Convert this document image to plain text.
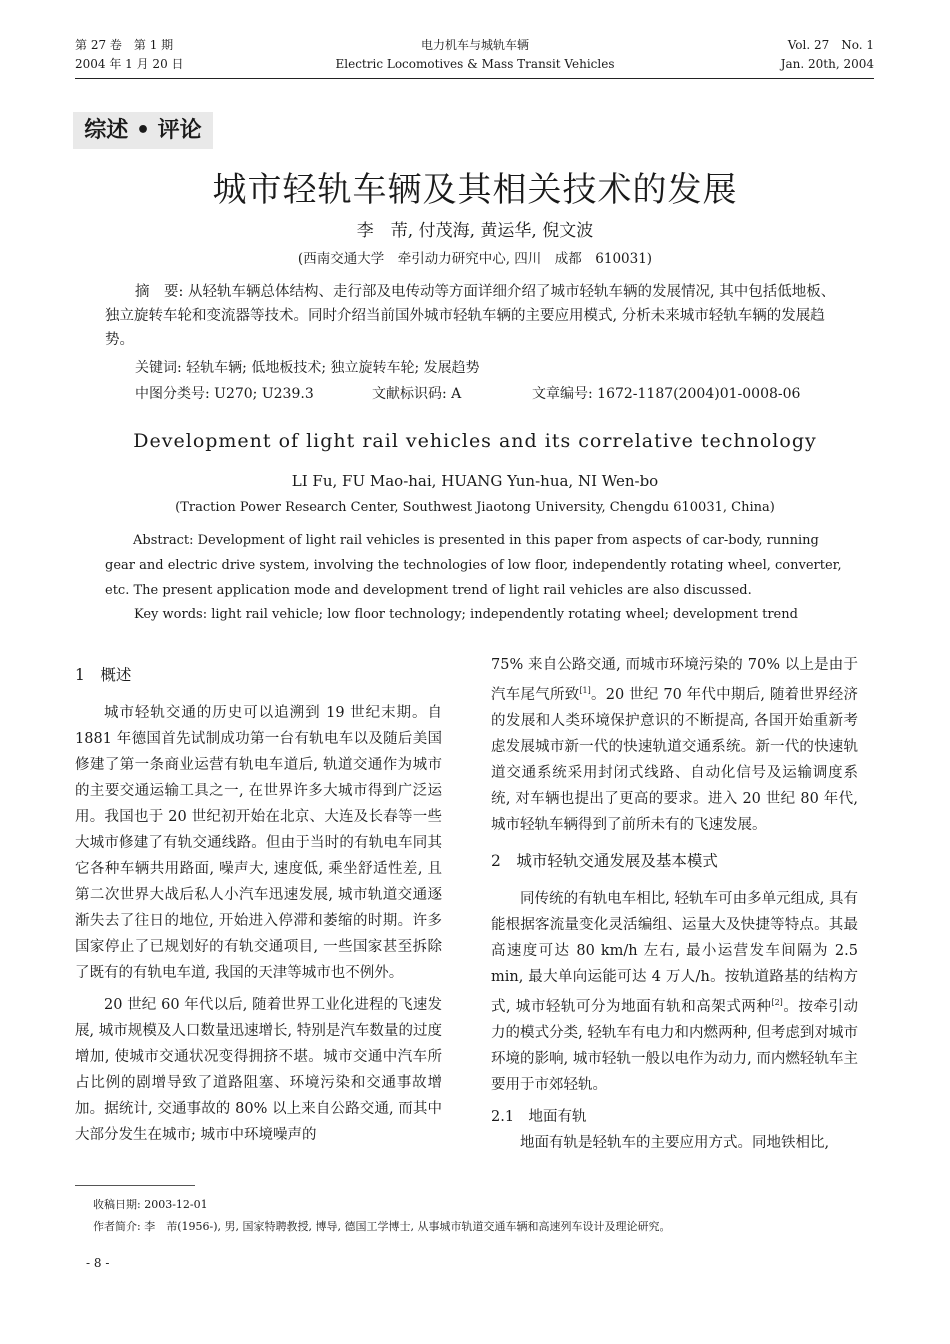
第 27 卷　第 1 期
2004 年 1 月 20 日
电力机车与城轨车辆
Electric Locomotives & Mass Transit Vehicles
Vol. 27　No. 1
Jan. 20th, 2004
综述 • 评论
城市轻轨车辆及其相关技术的发展
李　芾, 付茂海, 黄运华, 倪文波
(西南交通大学　牵引动力研究中心, 四川　成都　610031)
摘　要: 从轻轨车辆总体结构、走行部及电传动等方面详细介绍了城市轻轨车辆的发展情况, 其中包括低地板、独立旋转车轮和变流器等技术。同时介绍当前国外城市轻轨车辆的主要应用模式, 分析未来城市轻轨车辆的发展趋势。
关键词: 轻轨车辆; 低地板技术; 独立旋转车轮; 发展趋势
中图分类号: U270; U239.3	文献标识码: A	文章编号: 1672-1187(2004)01-0008-06
Development of light rail vehicles and its correlative technology
LI Fu, FU Mao-hai, HUANG Yun-hua, NI Wen-bo
(Traction Power Research Center, Southwest Jiaotong University, Chengdu 610031, China)
Abstract: Development of light rail vehicles is presented in this paper from aspects of car-body, running gear and electric drive system, involving the technologies of low floor, independently rotating wheel, converter, etc. The present application mode and development trend of light rail vehicles are also discussed.
Key words: light rail vehicle; low floor technology; independently rotating wheel; development trend
1　概述

城市轻轨交通的历史可以追溯到 19 世纪末期。自 1881 年德国首先试制成功第一台有轨电车以及随后美国修建了第一条商业运营有轨电车道后, 轨道交通作为城市的主要交通运输工具之一, 在世界许多大城市得到广泛运用。我国也于 20 世纪初开始在北京、大连及长春等一些大城市修建了有轨交通线路。但由于当时的有轨电车同其它各种车辆共用路面, 噪声大, 速度低, 乘坐舒适性差, 且第二次世界大战后私人小汽车迅速发展, 城市轨道交通逐渐失去了往日的地位, 开始进入停滞和萎缩的时期。许多国家停止了已规划好的有轨交通项目, 一些国家甚至拆除了既有的有轨电车道, 我国的天津等城市也不例外。

20 世纪 60 年代以后, 随着世界工业化进程的飞速发展, 城市规模及人口数量迅速增长, 特别是汽车数量的过度增加, 使城市交通状况变得拥挤不堪。城市交通中汽车所占比例的剧增导致了道路阻塞、环境污染和交通事故增加。据统计, 交通事故的 80% 以上来自公路交通, 而其中大部分发生在城市; 城市中环境噪声的

75% 来自公路交通, 而城市环境污染的 70% 以上是由于汽车尾气所致[1]。20 世纪 70 年代中期后, 随着世界经济的发展和人类环境保护意识的不断提高, 各国开始重新考虑发展城市新一代的快速轨道交通系统。新一代的快速轨道交通系统采用封闭式线路、自动化信号及运输调度系统, 对车辆也提出了更高的要求。进入 20 世纪 80 年代, 城市轻轨车辆得到了前所未有的飞速发展。

2　城市轻轨交通发展及基本模式

同传统的有轨电车相比, 轻轨车可由多单元组成, 具有能根据客流量变化灵活编组、运量大及快捷等特点。其最高速度可达 80 km/h 左右, 最小运营发车间隔为 2.5 min, 最大单向运能可达 4 万人/h。按轨道路基的结构方式, 城市轻轨可分为地面有轨和高架式两种[2]。按牵引动力的模式分类, 轻轨车有电力和内燃两种, 但考虑到对城市环境的影响, 城市轻轨一般以电作为动力, 而内燃轻轨车主要用于市郊轻轨。

2.1　地面有轨

地面有轨是轻轨车的主要应用方式。同地铁相比,

收稿日期: 2003-12-01
作者简介: 李　芾(1956-), 男, 国家特聘教授, 博导, 德国工学博士, 从事城市轨道交通车辆和高速列车设计及理论研究。
- 8 -
